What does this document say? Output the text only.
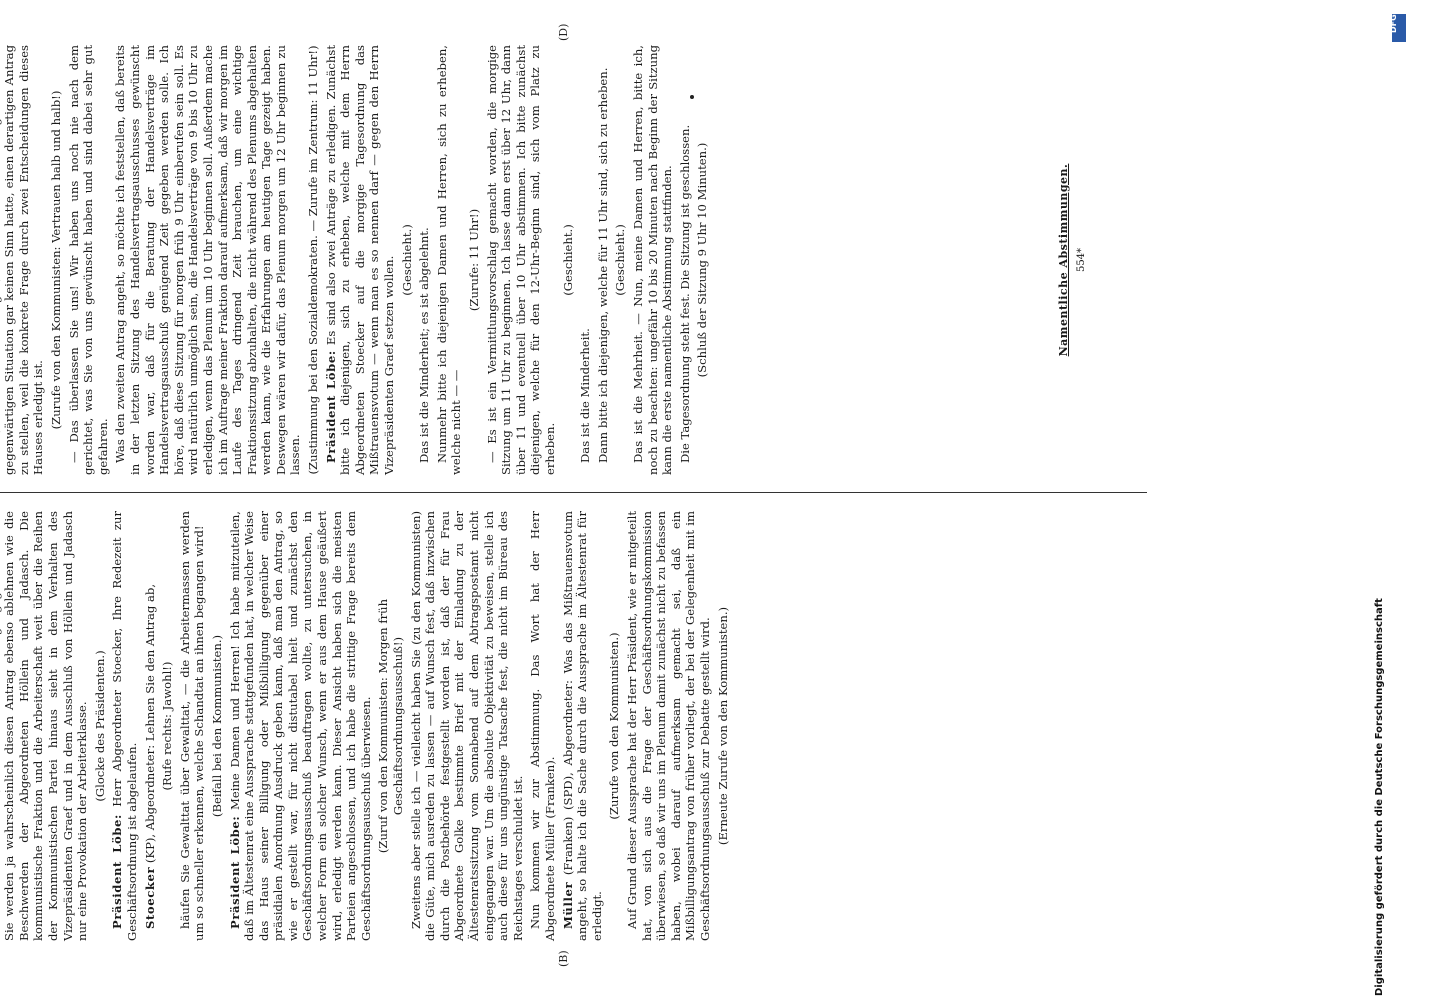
(B)
(D)

Sie werden ja wahrscheinlich diesen Antrag ebenso ablehnen wie die Beschwerden der Abgeordneten Höllein und Jadasch. Die kommunistische Fraktion und die Arbeiterschaft weit über die Reihen der Kommunistischen Partei hinaus sieht in dem Verhalten des Vizepräsidenten Graef und in dem Ausschluß von Höllein und Jadasch nur eine Provokation der Arbeiterklasse. (Glocke des Präsidenten.)

Präsident Löbe: Herr Abgeordneter Stoecker, Ihre Redezeit zur Geschäftsordnung ist abgelaufen. Stoecker (KP), Abgeordneter: Lehnen Sie den Antrag ab, (Rufe rechts: Jawohl!) häufen Sie Gewalttat über Gewalttat, — die Arbeitermassen werden um so schneller erkennen, welche Schandtat an ihnen begangen wird! (Beifall bei den Kommunisten.)

Präsident Löbe: Meine Damen und Herren! Ich habe mitzuteilen, daß im Ältestenrat eine Aussprache stattgefunden hat, in welcher Weise das Haus seiner Billigung oder Mißbilligung gegenüber einer präsidialen Anordnung Ausdruck geben kann, daß man den Antrag, so wie er gestellt war, für nicht distutabel hielt und zunächst den Geschäftsordnungsausschuß beauftragen wollte, zu untersuchen, in welcher Form ein solcher Wunsch, wenn er aus dem Hause geäußert wird, erledigt werden kann. Dieser Ansicht haben sich die meisten Parteien angeschlossen, und ich habe die strittige Frage bereits dem Geschäftsordnungsausschuß überwiesen. (Zuruf von den Kommunisten: Morgen früh Geschäftsordnungsausschuß!) Zweitens aber stelle ich — vielleicht haben Sie (zu den Kommunisten) die Güte, mich ausreden zu lassen — auf Wunsch fest, daß inzwischen durch die Postbehörde festgestellt worden ist, daß der für Frau Abgeordnete Golke bestimmte Brief mit der Einladung zu der Ältestenratssitzung vom Sonnabend auf dem Abtragspostamt nicht eingegangen war. Um die absolute Objektivität zu beweisen, stelle ich auch diese für uns ungünstige Tatsache fest, die nicht im Büreau des Reichstages verschuldet ist. Nun kommen wir zur Abstimmung. Das Wort hat der Herr Abgeordnete Müller (Franken). Müller (Franken) (SPD), Abgeordneter: Was das Mißtrauensvotum angeht, so halte ich die Sache durch die Aussprache im Ältestenrat für erledigt.

(Zurufe von den Kommunisten.) Auf Grund dieser Aussprache hat der Herr Präsident, wie er mitgeteilt hat, von sich aus die Frage der Geschäftsordnungskommission überwiesen, so daß wir uns im Plenum damit zunächst nicht zu befassen haben, wobei darauf aufmerksam gemacht sei, daß ein Mißbilligungsantrag von früher vorliegt, der bei der Gelegenheit mit im Geschäftsordnungsausschuß zur Debatte gestellt wird. (Erneute Zurufe von den Kommunisten.)

gegenwärtigen Situation gar keinen Sinn hatte, einen derartigen Antrag zu stellen, weil die konkrete Frage durch zwei Entscheidungen dieses Hauses erledigt ist. (Zurufe von den Kommunisten: Vertrauen halb und halb!) — Das überlassen Sie uns! Wir haben uns noch nie nach dem gerichtet, was Sie von uns gewünscht haben und sind dabei sehr gut gefahren. Was den zweiten Antrag angeht, so möchte ich feststellen, daß bereits in der letzten Sitzung des Handelsvertragsausschusses gewünscht worden war, daß für die Beratung der Handelsverträge im Handelsvertragsausschuß genügend Zeit gegeben werden solle. Ich höre, daß diese Sitzung für morgen früh 9 Uhr einberufen sein soll. Es wird natürlich unmöglich sein, die Handelsverträge von 9 bis 10 Uhr zu erledigen, wenn das Plenum um 10 Uhr beginnen soll. Außerdem mache ich im Auftrage meiner Fraktion darauf aufmerksam, daß wir morgen im Laufe des Tages dringend Zeit brauchen, um eine wichtige Fraktionssitzung abzuhalten, die nicht während des Plenums abgehalten werden kann, wie die Erfahrungen am heutigen Tage gezeigt haben. Deswegen wären wir dafür, das Plenum morgen um 12 Uhr beginnen zu lassen. (Zustimmung bei den Sozialdemokraten. — Zurufe im Zentrum: 11 Uhr!) Präsident Löbe: Es sind also zwei Anträge zu erledigen. Zunächst bitte ich diejenigen, sich zu erheben, welche mit dem Herrn Abgeordneten Stoecker auf die morgige Tagesordnung das Mißtrauensvotum — wenn man es so nennen darf — gegen den Herrn Vizepräsidenten Graef setzen wollen. (Geschieht.) Das ist die Minderheit; es ist abgelehnt. Nunmehr bitte ich diejenigen Damen und Herren, sich zu erheben, welche nicht — —

(Zurufe: 11 Uhr!) — Es ist ein Vermittlungsvorschlag gemacht worden, die morgige Sitzung um 11 Uhr zu beginnen. Ich lasse dann erst über 12 Uhr, dann über 11 und eventuell über 10 Uhr abstimmen. Ich bitte zunächst diejenigen, welche für den 12-Uhr-Beginn sind, sich vom Platz zu erheben.

(Geschieht.)

Das ist die Minderheit. Dann bitte ich diejenigen, welche für 11 Uhr sind, sich zu erheben. (Geschieht.) Das ist die Mehrheit. — Nun, meine Damen und Herren, bitte ich, noch zu beachten: ungefähr 10 bis 20 Minuten nach Beginn der Sitzung kann die erste namentliche Abstimmung stattfinden. Die Tagesordnung steht fest. Die Sitzung ist geschlossen. (Schluß der Sitzung 9 Uhr 10 Minuten.)	Namentliche Abstimmungen. 554*
DFG
Digitalisierung gefördert durch die Deutsche Forschungsgemeinschaft
